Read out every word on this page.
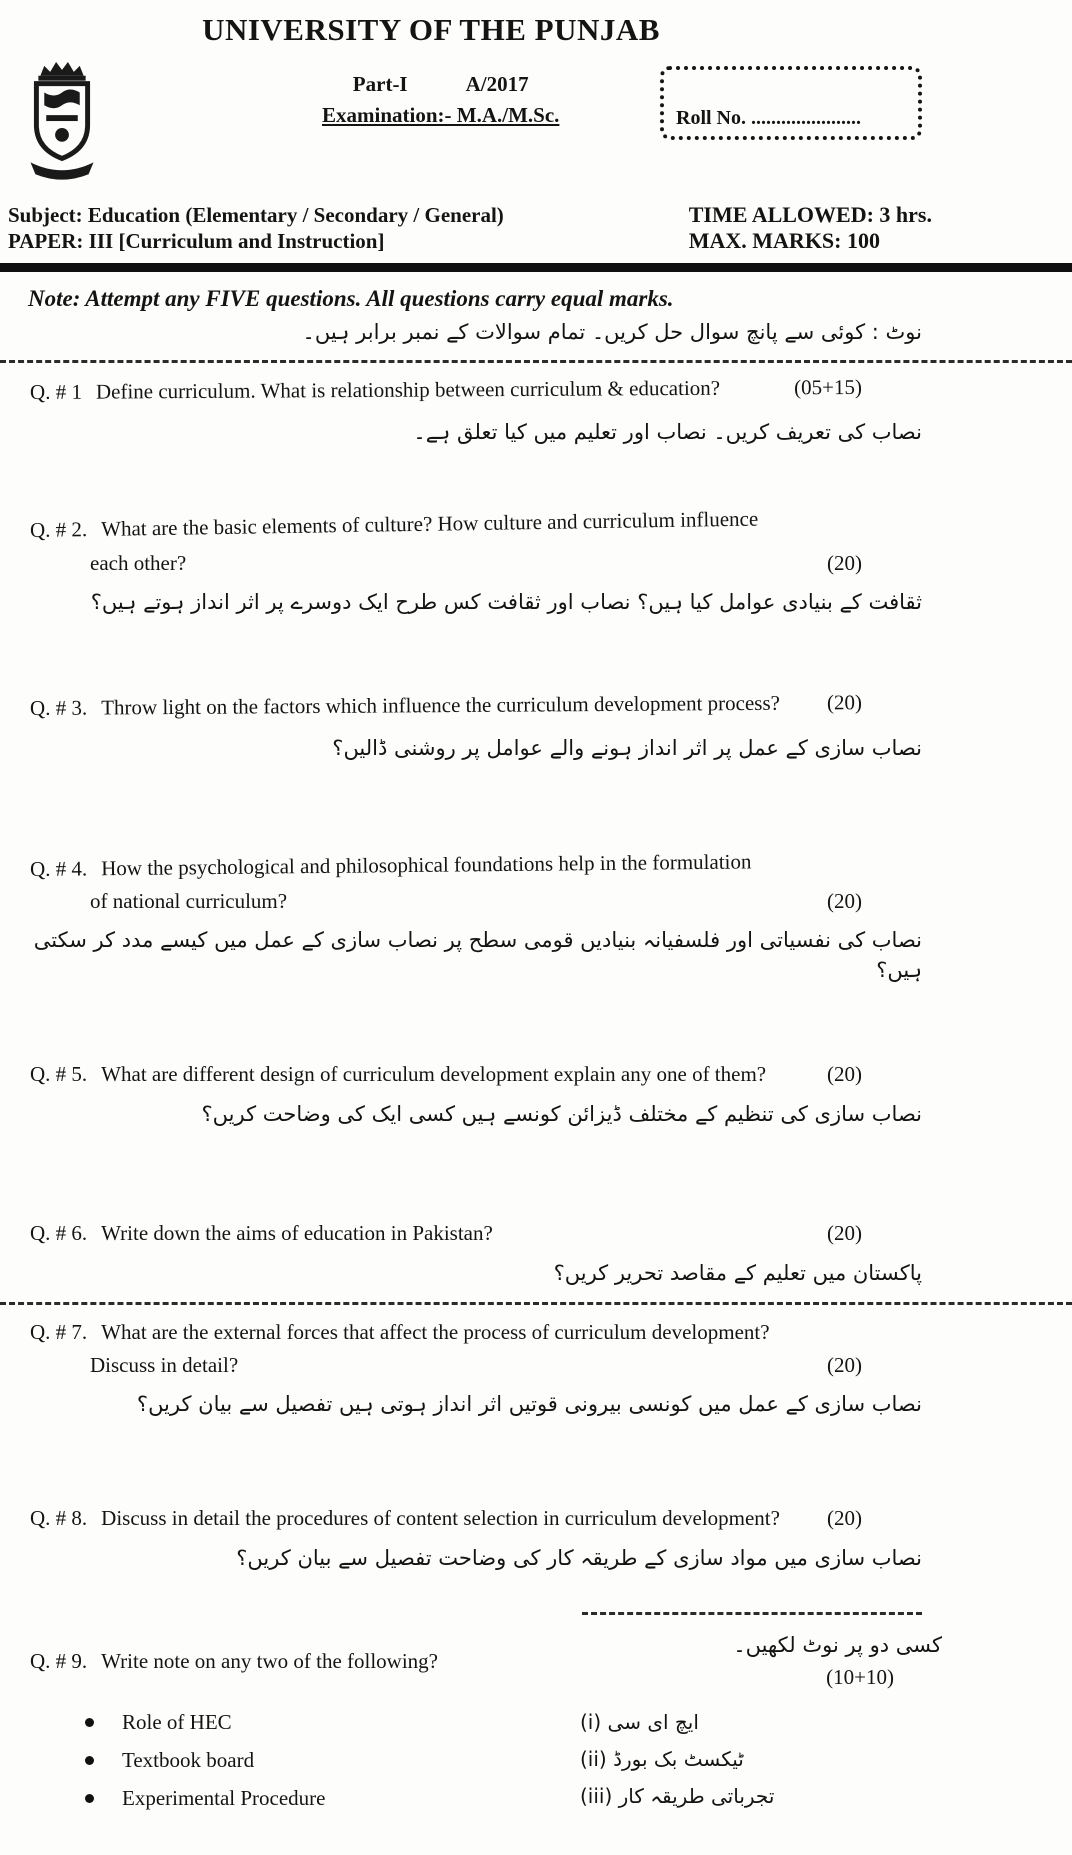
UNIVERSITY OF THE PUNJAB
Part-I	A/2017
Examination:- M.A./M.Sc.	Roll No. ......................
Subject: Education (Elementary / Secondary / General)
PAPER: III [Curriculum and Instruction]
TIME ALLOWED: 3 hrs.
MAX. MARKS: 100
Note: Attempt any FIVE questions. All questions carry equal marks.
نوٹ : کوئی سے پانچ سوال حل کریں۔ تمام سوالات کے نمبر برابر ہیں۔
Q. # 1 Define curriculum. What is relationship between curriculum & education?	(05+15)
نصاب کی تعریف کریں۔ نصاب اور تعلیم میں کیا تعلق ہے۔
Q. # 2. What are the basic elements of culture? How culture and curriculum influence
each other?	(20)
ثقافت کے بنیادی عوامل کیا ہیں؟ نصاب اور ثقافت کس طرح ایک دوسرے پر اثر انداز ہوتے ہیں؟
Q. # 3. Throw light on the factors which influence the curriculum development process?	(20)
نصاب سازی کے عمل پر اثر انداز ہونے والے عوامل پر روشنی ڈالیں؟
Q. # 4. How the psychological and philosophical foundations help in the formulation
of national curriculum?	(20)
نصاب کی نفسیاتی اور فلسفیانہ بنیادیں قومی سطح پر نصاب سازی کے عمل میں کیسے مدد کر سکتی ہیں؟
Q. # 5. What are different design of curriculum development explain any one of them?	(20)
نصاب سازی کی تنظیم کے مختلف ڈیزائن کونسے ہیں کسی ایک کی وضاحت کریں؟
Q. # 6. Write down the aims of education in Pakistan?	(20)
پاکستان میں تعلیم کے مقاصد تحریر کریں؟
Q. # 7. What are the external forces that affect the process of curriculum development?
Discuss in detail?	(20)
نصاب سازی کے عمل میں کونسی بیرونی قوتیں اثر انداز ہوتی ہیں تفصیل سے بیان کریں؟
Q. # 8. Discuss in detail the procedures of content selection in curriculum development?	(20)
نصاب سازی میں مواد سازی کے طریقہ کار کی وضاحت تفصیل سے بیان کریں؟
Q. # 9. Write note on any two of the following?
کسی دو پر نوٹ لکھیں۔
(10+10)
Role of HEC
Textbook board
Experimental Procedure
(i) ایچ ای سی
(ii) ٹیکسٹ بک بورڈ
(iii) تجرباتی طریقہ کار
